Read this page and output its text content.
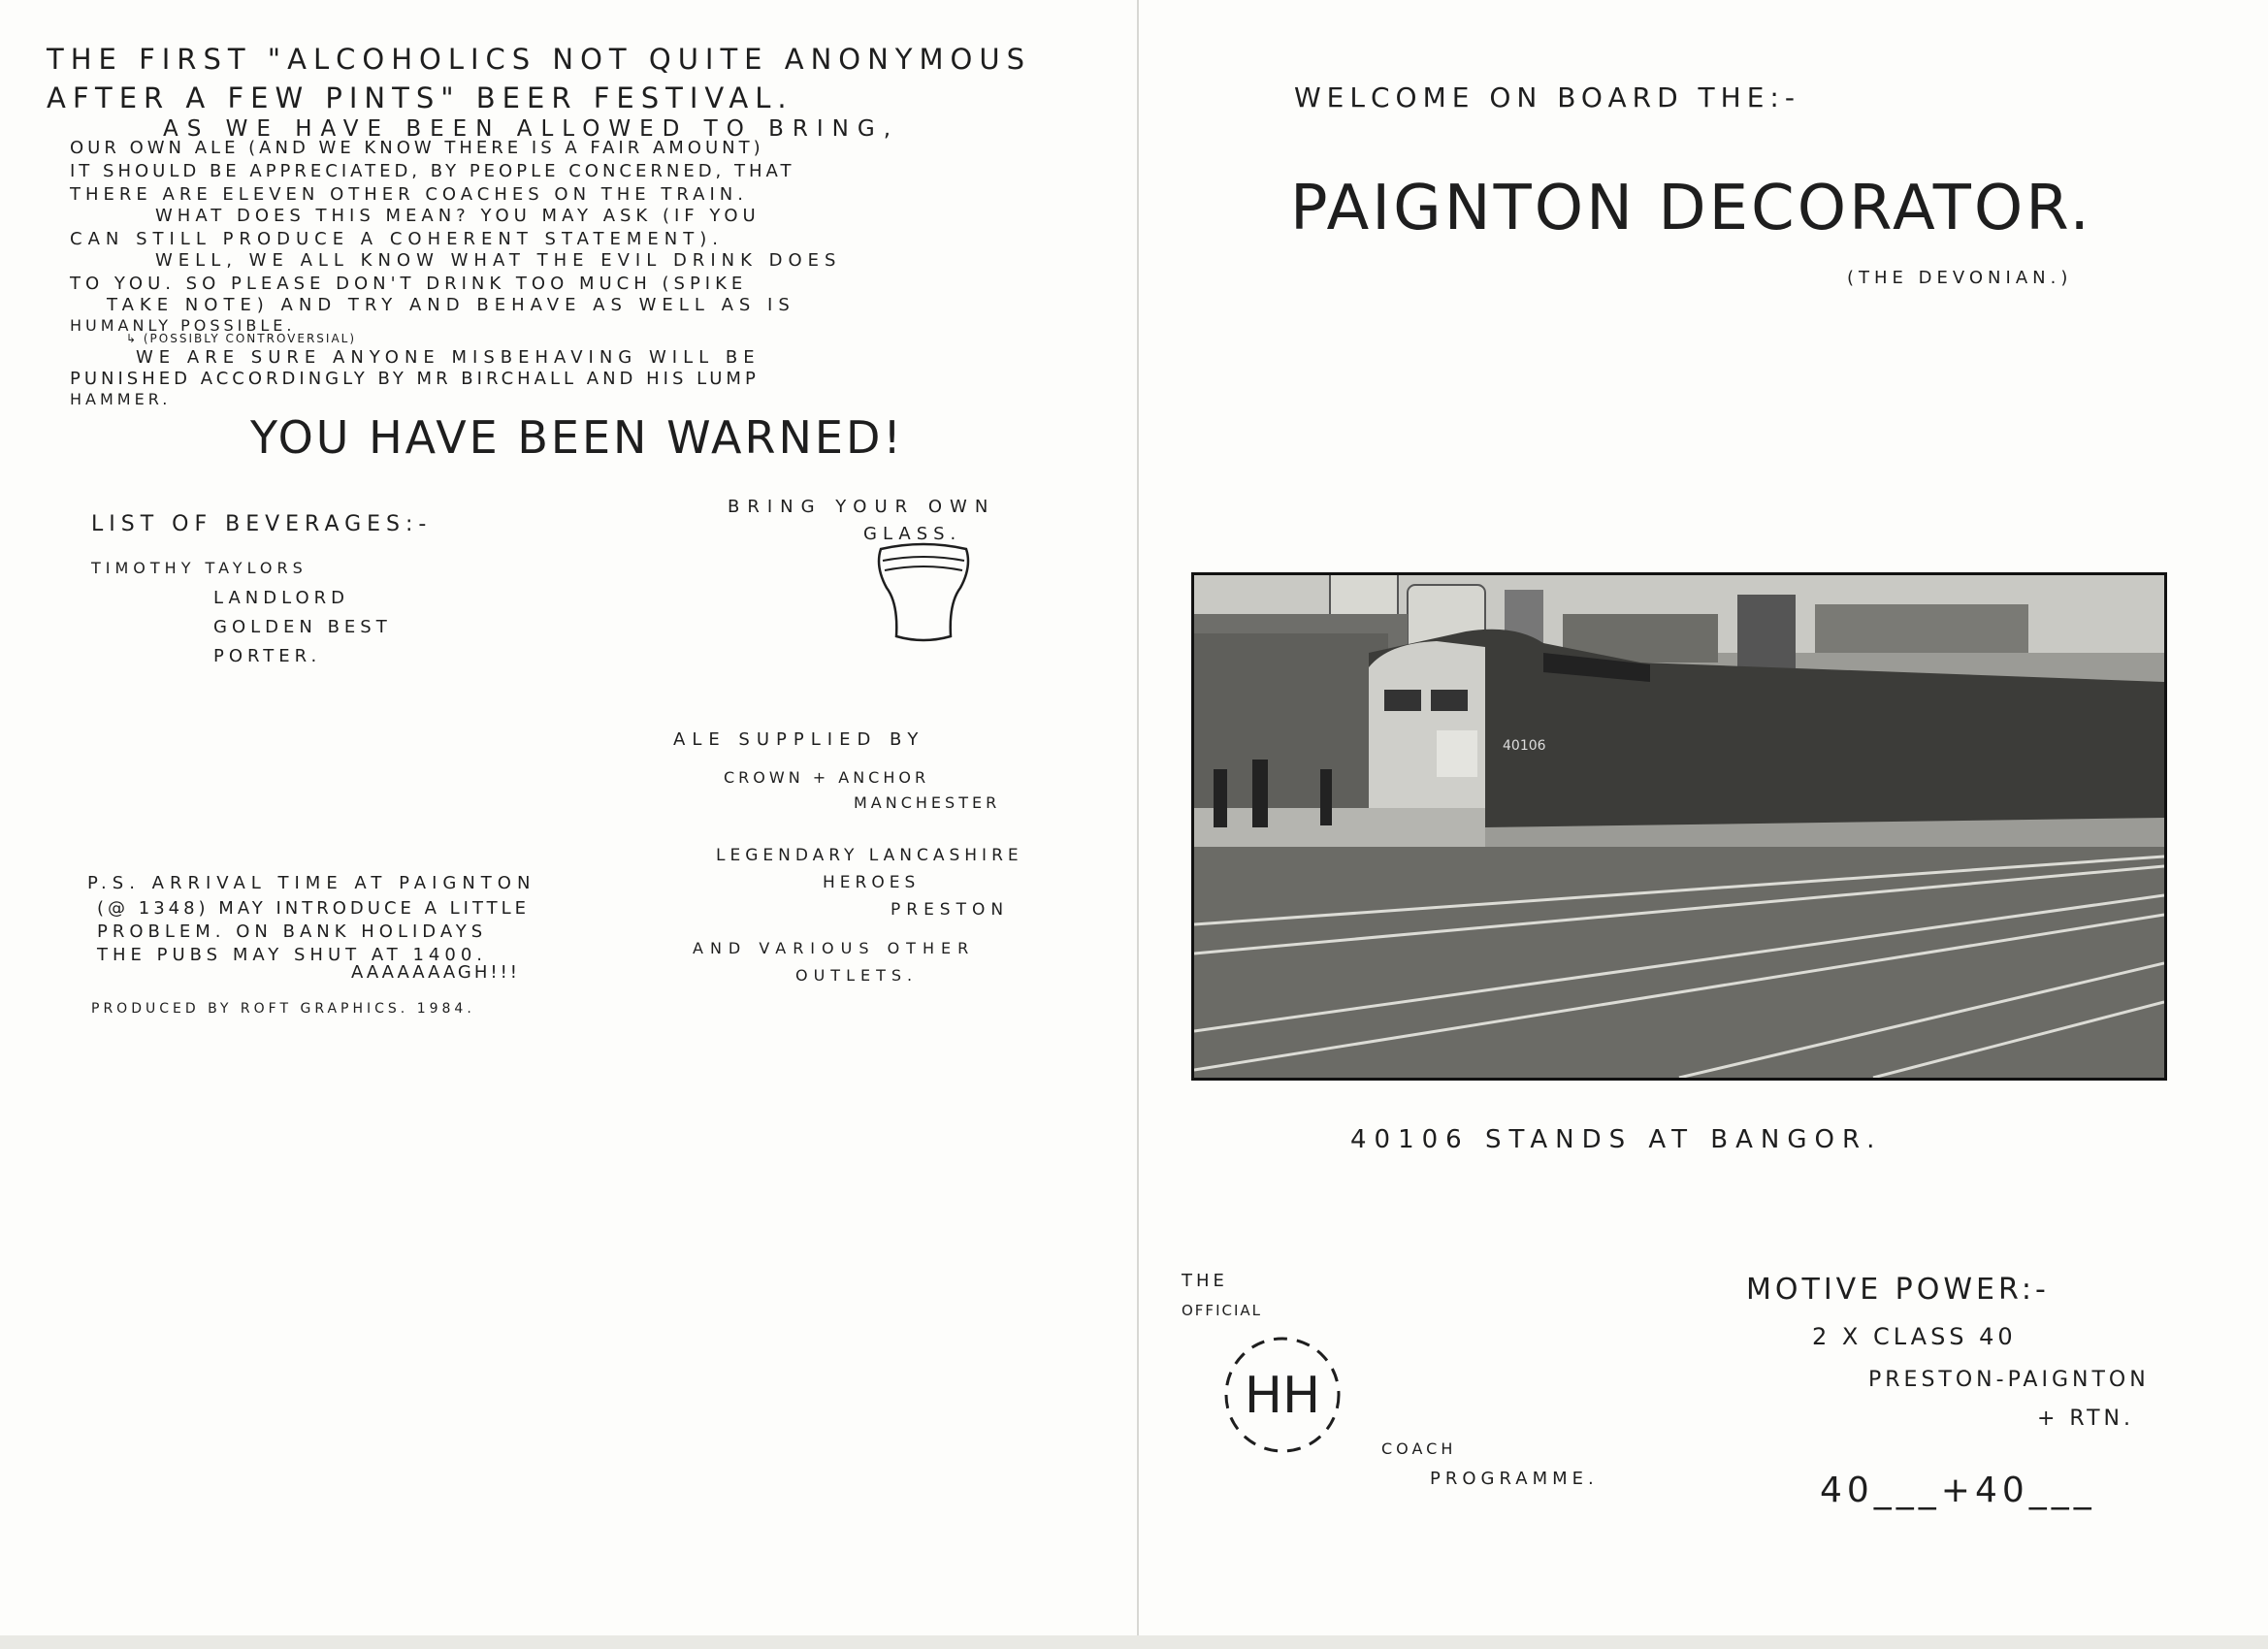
THE FIRST "ALCOHOLICS NOT QUITE ANONYMOUS
AFTER A FEW PINTS" BEER FESTIVAL.
AS WE HAVE BEEN ALLOWED TO BRING,
OUR OWN ALE (AND WE KNOW THERE IS A FAIR AMOUNT)
IT SHOULD BE APPRECIATED, BY PEOPLE CONCERNED, THAT
THERE ARE ELEVEN OTHER COACHES ON THE TRAIN.
WHAT DOES THIS MEAN? YOU MAY ASK (IF YOU
CAN STILL PRODUCE A COHERENT STATEMENT).
WELL, WE ALL KNOW WHAT THE EVIL DRINK DOES
TO YOU. SO PLEASE DON'T DRINK TOO MUCH (SPIKE
TAKE NOTE) AND TRY AND BEHAVE AS WELL AS IS
HUMANLY POSSIBLE.
↳ (POSSIBLY CONTROVERSIAL)
WE ARE SURE ANYONE MISBEHAVING WILL BE
PUNISHED ACCORDINGLY BY MR BIRCHALL AND HIS LUMP
HAMMER.
YOU HAVE BEEN WARNED!
LIST OF BEVERAGES:-
TIMOTHY TAYLORS
LANDLORD
GOLDEN BEST
PORTER.
BRING YOUR OWN
GLASS.
ALE SUPPLIED BY
CROWN + ANCHOR
MANCHESTER
LEGENDARY LANCASHIRE
HEROES
PRESTON
AND VARIOUS OTHER
OUTLETS.
P.S. ARRIVAL TIME AT PAIGNTON
(@ 1348) MAY INTRODUCE A LITTLE
PROBLEM. ON BANK HOLIDAYS
THE PUBS MAY SHUT AT 1400.
AAAAAAAGH!!!
PRODUCED BY ROFT GRAPHICS. 1984.
WELCOME ON BOARD THE:-
PAIGNTON DECORATOR.
(THE DEVONIAN.)
40106
40106 STANDS AT BANGOR.
THE
OFFICIAL
HH
COACH
PROGRAMME.
MOTIVE POWER:-
2 X CLASS 40
PRESTON-PAIGNTON
+ RTN.
40___+40___
